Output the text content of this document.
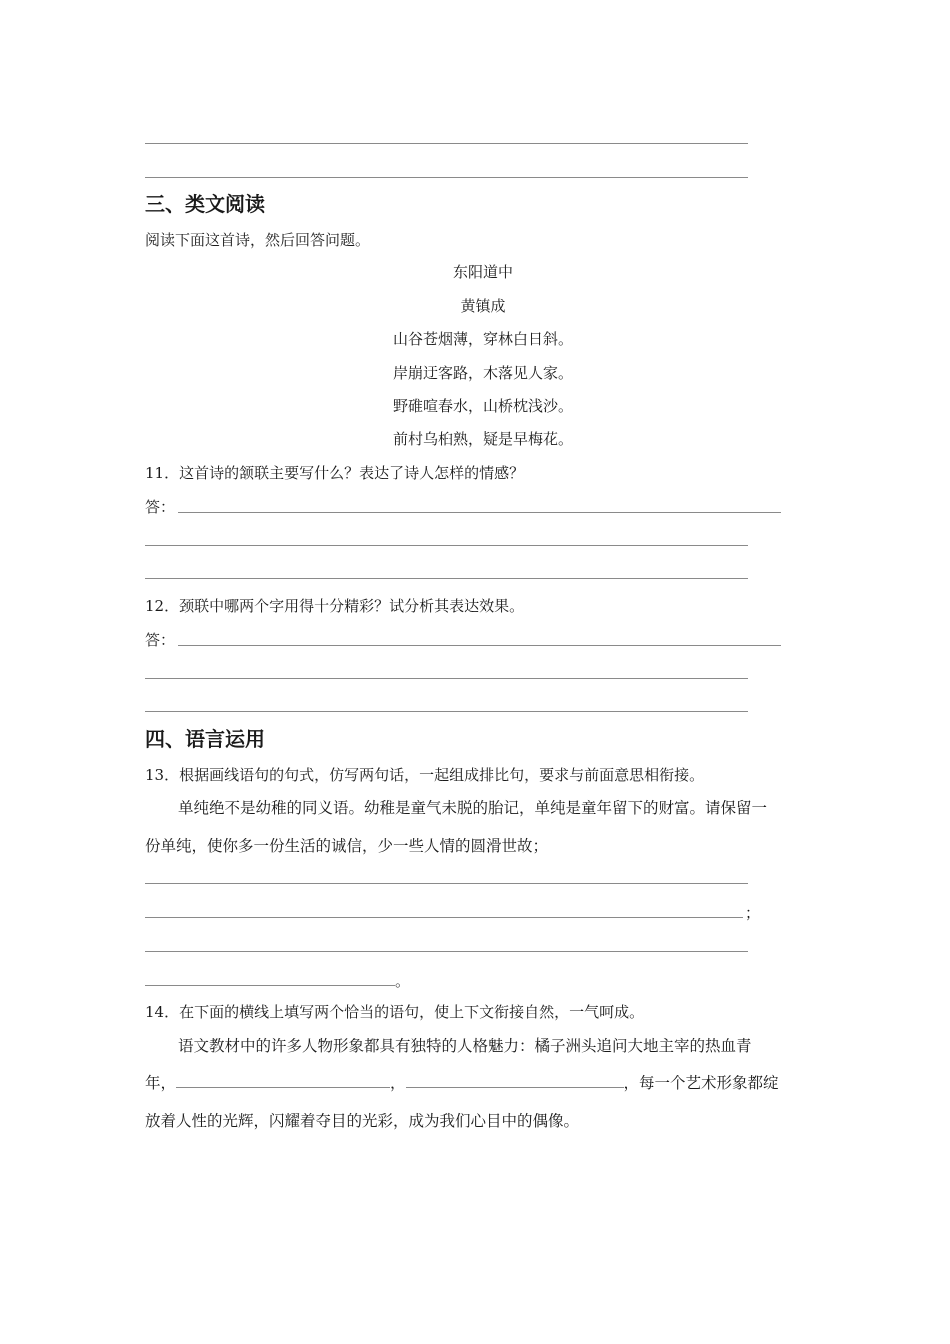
三、类文阅读
阅读下面这首诗，然后回答问题。
东阳道中
黄镇成
山谷苍烟薄，穿林白日斜。
岸崩迂客路，木落见人家。
野碓喧春水，山桥枕浅沙。
前村乌桕熟，疑是早梅花。
11．这首诗的颔联主要写什么？表达了诗人怎样的情感？
答：
12．颈联中哪两个字用得十分精彩？试分析其表达效果。
答：
四、语言运用
13．根据画线语句的句式，仿写两句话，一起组成排比句，要求与前面意思相衔接。
单纯绝不是幼稚的同义语。幼稚是童气未脱的胎记，单纯是童年留下的财富。请保留一
份单纯，使你多一份生活的诚信，少一些人情的圆滑世故；
；
。
14．在下面的横线上填写两个恰当的语句，使上下文衔接自然，一气呵成。
语文教材中的许多人物形象都具有独特的人格魅力：橘子洲头追问大地主宰的热血青
年，	，	，每一个艺术形象都绽
放着人性的光辉，闪耀着夺目的光彩，成为我们心目中的偶像。
